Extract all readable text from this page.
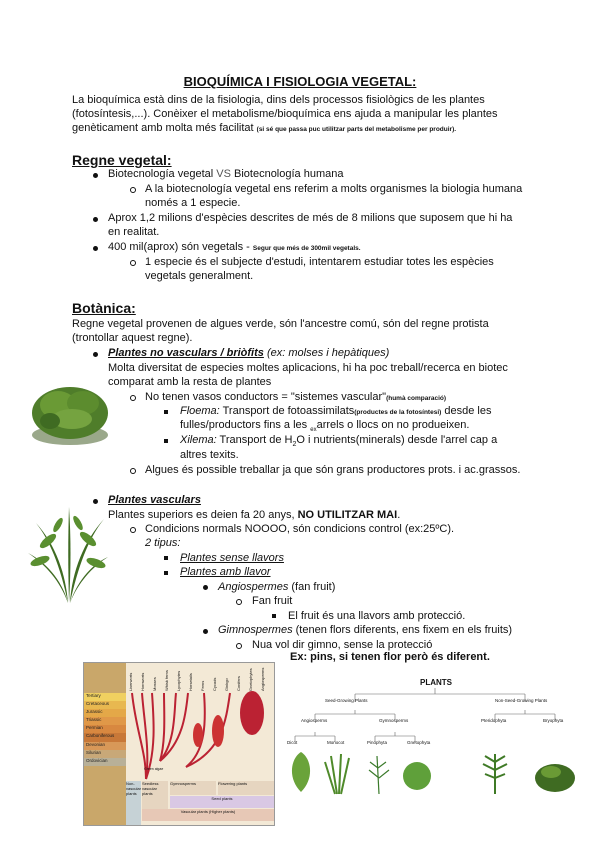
BIOQUÍMICA I FISIOLOGIA VEGETAL:
La bioquímica està dins de la fisiologia, dins dels processos fisiològics de les plantes
(fotosíntesis,...). Conèixer el metabolisme/bioquímica ens ajuda a manipular les plantes
genèticament amb molta més facilitat (si sé que passa puc utilitzar parts del metabolisme per produir).
Regne vegetal:
Biotecnología vegetal VS Biotecnología humana
A la biotecnología vegetal ens referim a molts organismes la biologia humana
només a 1 especie.
Aprox 1,2 milions d'espècies descrites de més de 8 milions que suposem que hi ha
en realitat.
400 mil(aprox) són vegetals - Segur que més de 300mil vegetals.
1 especie és el subjecte d'estudi, intentarem estudiar totes les espècies
vegetals generalment.
Botànica:
Regne vegetal provenen de algues verde, són l'ancestre comú, són del regne protista
(trontollar aquest regne).
Plantes no vasculars / briòfits (ex: molses i hepàtiques)
Molta diversitat de especies moltes aplicacions, hi ha poc treball/recerca en biotec
comparat amb la resta de plantes
No tenen vasos conductors = "sistemes vascular"(humà comparació)
Floema: Transport de fotoassimilats(productes de la fotosíntesi) desde les
fulles/productors fins a les $_{ex}$arrels o llocs on no produeixen.
Xilema: Transport de $H_2O$ i nutrients(minerals) desde l'arrel cap a
altres texits.
Algues és possible treballar ja que són grans productores prots. i ac.grassos.
Plantes vasculars
Plantes superiors es deien fa 20 anys, NO UTILITZAR MAI.
Condicions normals NOOOO, són condicions control (ex:25ºC).
2 tipus:
Plantes sense llavors
Plantes amb llavor
Angiospermes (fan fruit)
Fan fruit
El fruit és una llavors amb protecció.
Gimnospermes (tenen flors diferents, ens fixem en els fruits)
Nua vol dir gimno, sense la protecció
Ex: pins, si tenen flor però és diferent.
Tertiary
Cretaceous
Jurassic
Triassic
Permian
Carboniferous
Devonian
Silurian
Ordovician
Liverworts	Hornworts	Mosses	Whisk ferns	Lycophytes	Horsetails	Ferns	Cycads	Ginkgo	Conifers	Gnetophytes	Angiosperms
Gymnosperms	Flowering plants
Seedless vascular plants
Seed plants
Non-vascular plants
Vascular plants (Higher plants)
Green algae
PLANTS
Seed-Growing Plants	Non-Seed-Growing Plants
Angiosperms	Gymnosperms	Pteridophyta	Bryophyta
Dicot	Monocot	Pinophyta	Gnetophyta
